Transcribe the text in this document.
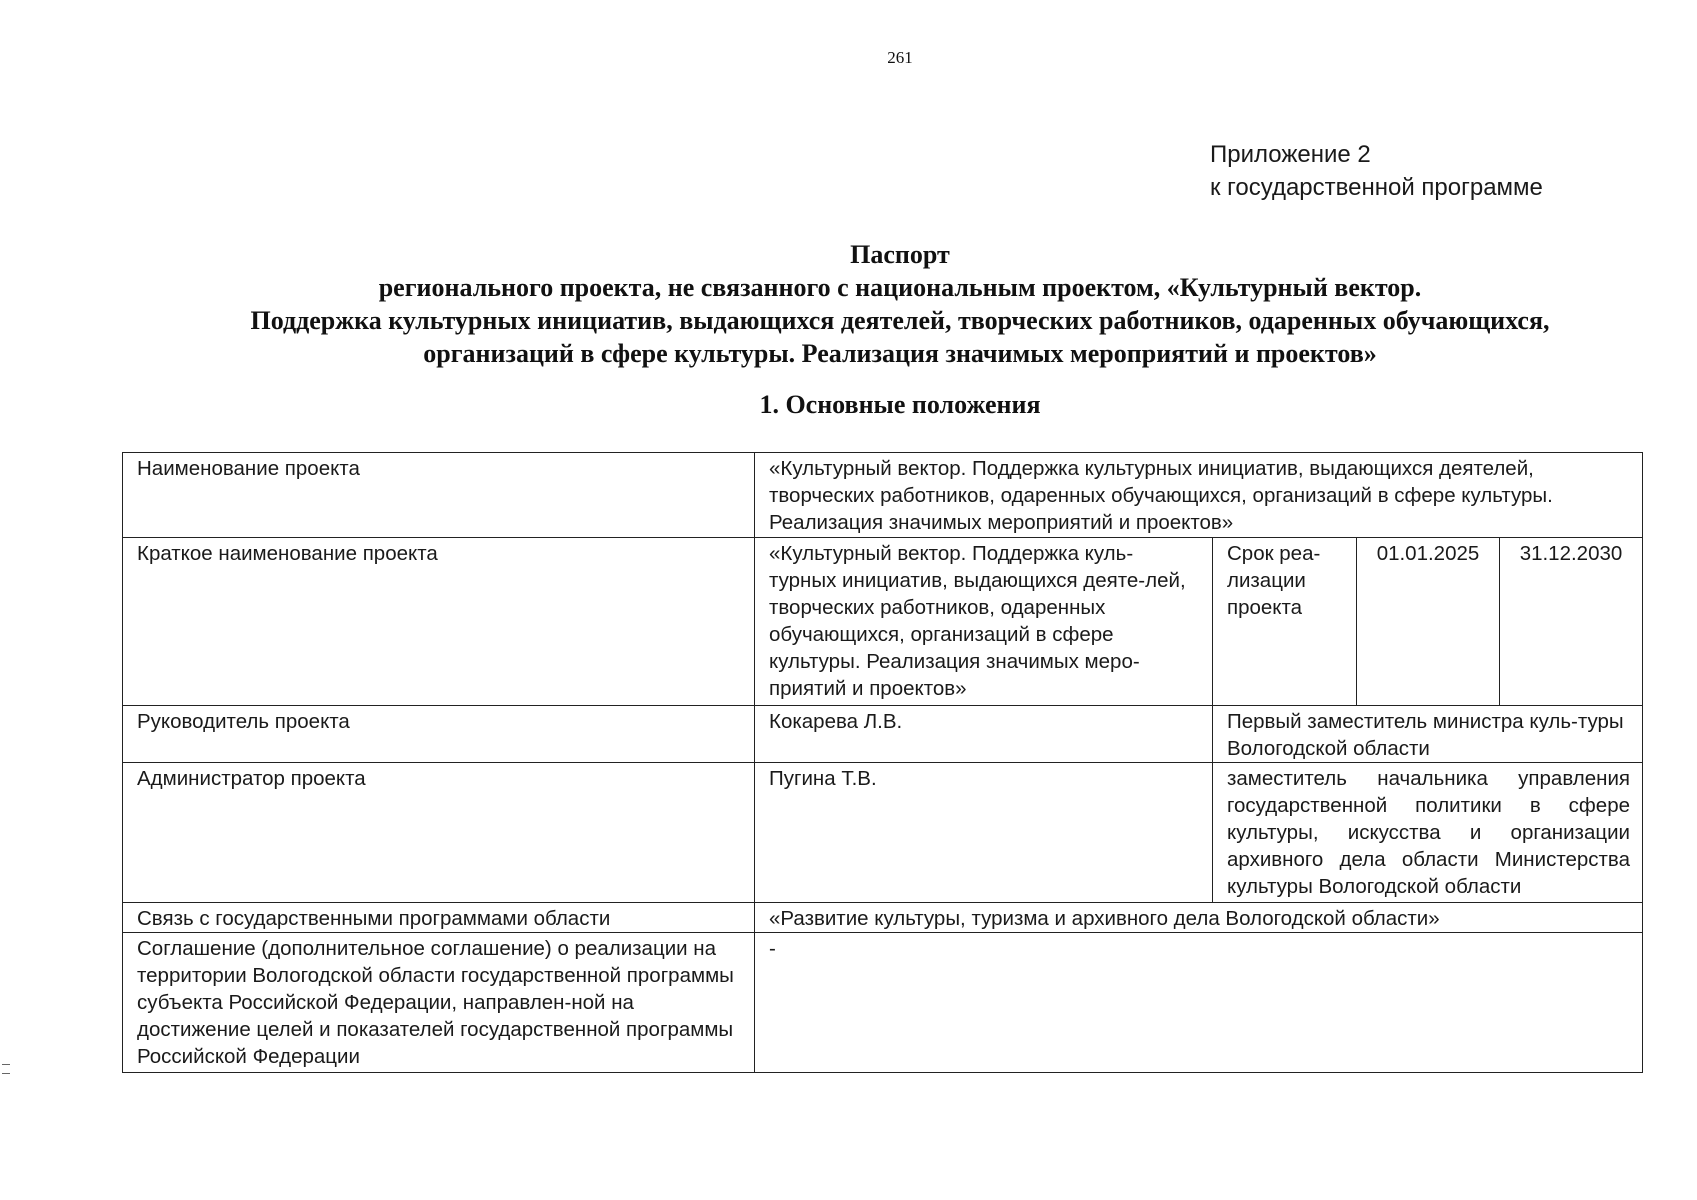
261
Приложение 2
к государственной программе
Паспорт
регионального проекта, не связанного с национальным проектом, «Культурный вектор.
Поддержка культурных инициатив, выдающихся деятелей, творческих работников, одаренных обучающихся,
организаций в сфере культуры. Реализация значимых мероприятий и проектов»
1. Основные положения
Наименование проекта	«Культурный вектор. Поддержка культурных инициатив, выдающихся деятелей, творческих работников, одаренных обучающихся, организаций в сфере культуры. Реализация значимых мероприятий и проектов»			
Краткое наименование проекта	«Культурный вектор. Поддержка куль-турных инициатив, выдающихся деяте-лей, творческих работников, одаренных обучающихся, организаций в сфере культуры. Реализация значимых меро-приятий и проектов»	Срок реа-лизации проекта	01.01.2025	31.12.2030
Руководитель проекта	Кокарева Л.В.	Первый заместитель министра куль-туры Вологодской области		
Администратор проекта	Пугина Т.В.	заместитель начальника управления государственной политики в сфере культуры, искусства и организации архивного дела области Министерства культуры Вологодской области		
Связь с государственными программами области	«Развитие культуры, туризма и архивного дела Вологодской области»			
Соглашение (дополнительное соглашение) о реализации на территории Вологодской области государственной программы субъекта Российской Федерации, направлен-ной на достижение целей и показателей государственной программы Российской Федерации	-			
